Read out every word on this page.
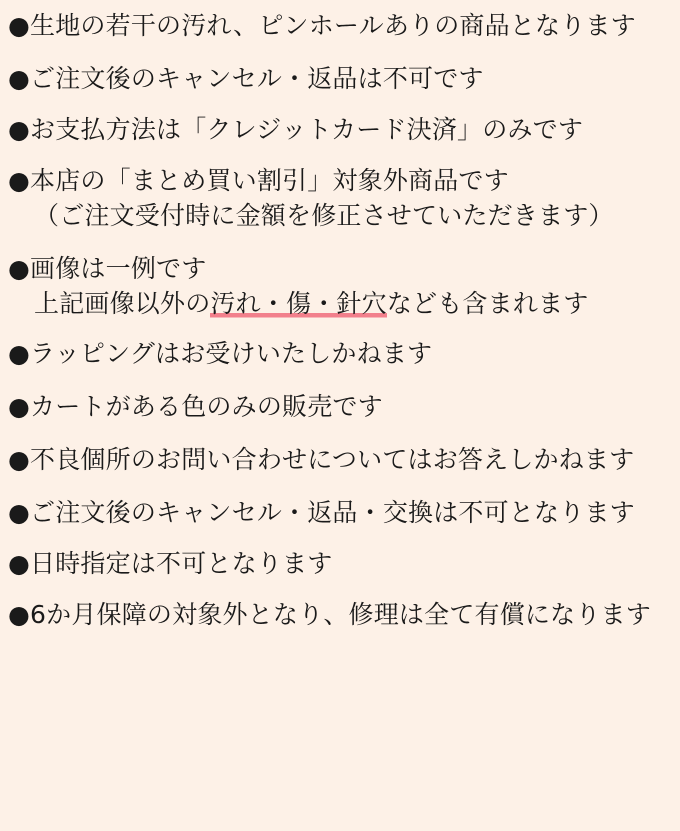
● 生地の若干の汚れ、ピンホールありの商品となります
● ご注文後のキャンセル・返品は不可です
● お支払方法は「クレジットカード決済」のみです
● 本店の「まとめ買い割引」対象外商品です
（ご注文受付時に金額を修正させていただきます）
● 画像は一例です
上記画像以外の 汚れ・傷・針穴 なども含まれます
● ラッピングはお受けいたしかねます
● カートがある色のみの販売です
● 不良個所のお問い合わせについてはお答えしかねます
● ご注文後のキャンセル・返品・交換は不可となります
● 日時指定は不可となります
● 6か月保障の対象外となり、修理は全て有償になります
